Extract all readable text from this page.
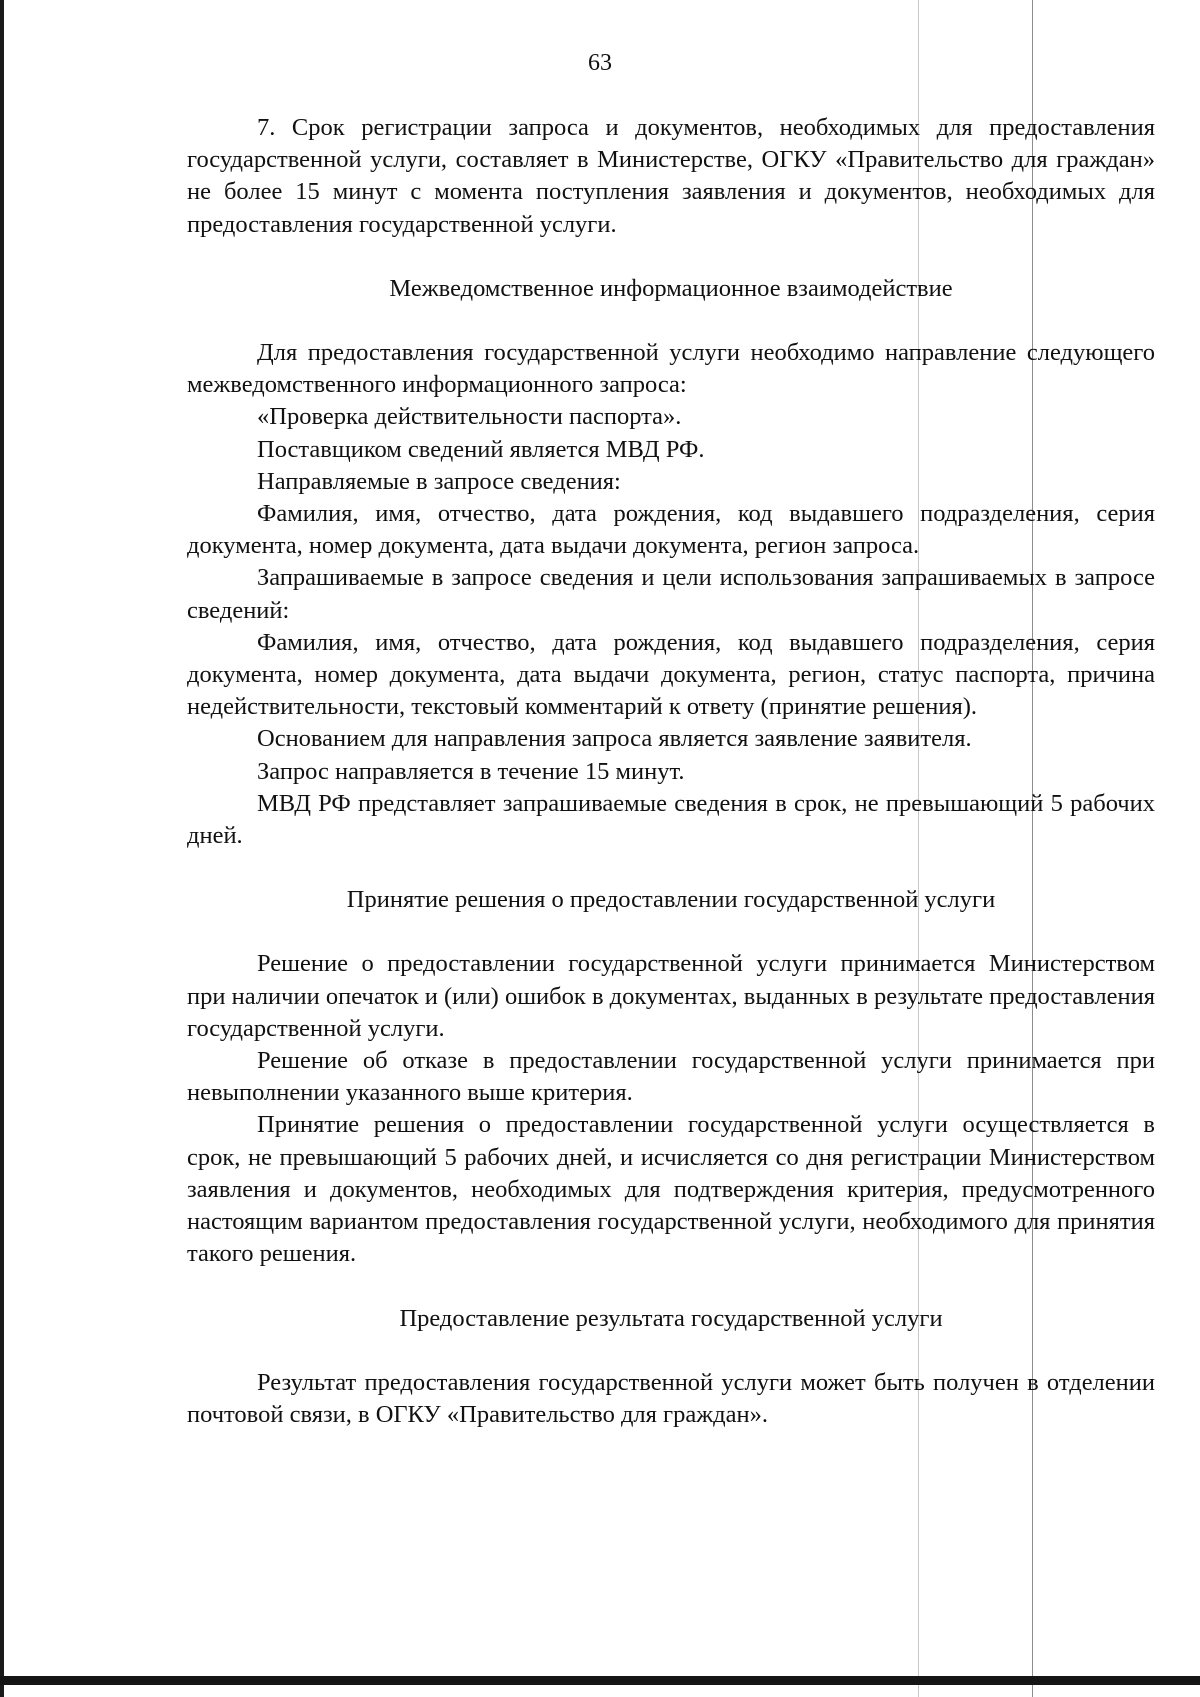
63

7. Срок регистрации запроса и документов, необходимых для предоставления государственной услуги, составляет в Министерстве, ОГКУ «Правительство для граждан» не более 15 минут с момента поступления заявления и документов, необходимых для предоставления государственной услуги.

Межведомственное информационное взаимодействие

Для предоставления государственной услуги необходимо направление следующего межведомственного информационного запроса:

«Проверка действительности паспорта».

Поставщиком сведений является МВД РФ.

Направляемые в запросе сведения:

Фамилия, имя, отчество, дата рождения, код выдавшего подразделения, серия документа, номер документа, дата выдачи документа, регион запроса.

Запрашиваемые в запросе сведения и цели использования запрашиваемых в запросе сведений:

Фамилия, имя, отчество, дата рождения, код выдавшего подразделения, серия документа, номер документа, дата выдачи документа, регион, статус паспорта, причина недействительности, текстовый комментарий к ответу (принятие решения).

Основанием для направления запроса является заявление заявителя.

Запрос направляется в течение 15 минут.

МВД РФ представляет запрашиваемые сведения в срок, не превышающий 5 рабочих дней.

Принятие решения о предоставлении государственной услуги

Решение о предоставлении государственной услуги принимается Министерством при наличии опечаток и (или) ошибок в документах, выданных в результате предоставления государственной услуги.

Решение об отказе в предоставлении государственной услуги принимается при невыполнении указанного выше критерия.

Принятие решения о предоставлении государственной услуги осуществляется в срок, не превышающий 5 рабочих дней, и исчисляется со дня регистрации Министерством заявления и документов, необходимых для подтверждения критерия, предусмотренного настоящим вариантом предоставления государственной услуги, необходимого для принятия такого решения.

Предоставление результата государственной услуги

Результат предоставления государственной услуги может быть получен в отделении почтовой связи, в ОГКУ «Правительство для граждан».
